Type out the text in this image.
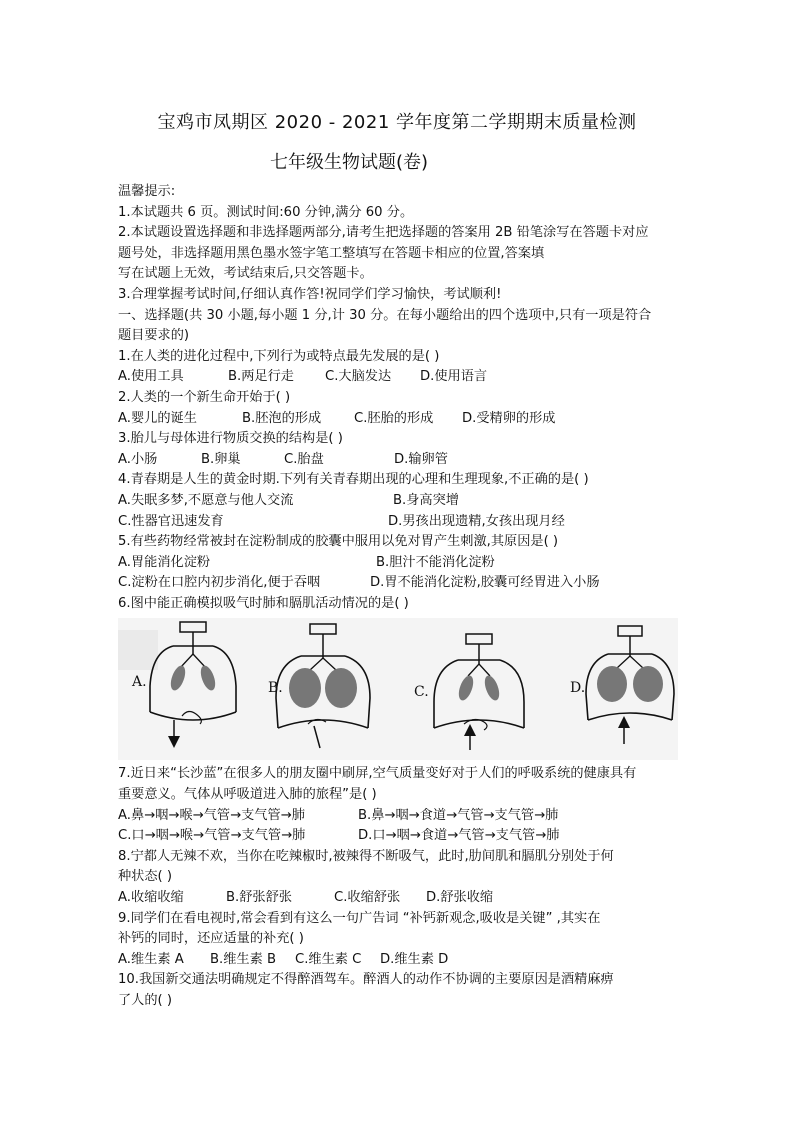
宝鸡市凤期区 2020 - 2021 学年度第二学期期末质量检测
七年级生物试题(卷)
温馨提示:
1.本试题共 6 页。测试时间:60 分钟,满分 60 分。
2.本试题设置选择题和非选择题两部分,请考生把选择题的答案用 2B 铅笔涂写在答题卡对应
题号处，非选择题用黑色墨水签字笔工整填写在答题卡相应的位置,答案填
写在试题上无效，考试结束后,只交答题卡。
3.合理掌握考试时间,仔细认真作答!祝同学们学习愉快，考试顺利!
一、选择题(共 30 小题,每小题 1 分,计 30 分。在每小题给出的四个选项中,只有一项是符合
题目要求的)
1.在人类的进化过程中,下列行为或特点最先发展的是( )
A.使用工具	B.两足行走 C.大脑发达 D.使用语言
2.人类的一个新生命开始于( )
A.婴儿的诞生	B.胚泡的形成 C.胚胎的形成 D.受精卵的形成
3.胎儿与母体进行物质交换的结构是( )
A.小肠	B.卵巢	C.胎盘	D.输卵管
4.青春期是人生的黄金时期.下列有关青春期出现的心理和生理现象,不正确的是( )
A.失眠多梦,不愿意与他人交流	B.身高突增
C.性器官迅速发育	D.男孩出现遗精,女孩出现月经
5.有些药物经常被封在淀粉制成的胶囊中服用以免对胃产生刺激,其原因是( )
A.胃能消化淀粉	B.胆汁不能消化淀粉
C.淀粉在口腔内初步消化,便于吞咽	D.胃不能消化淀粉,胶囊可经胃进入小肠
6.图中能正确模拟吸气时肺和膈肌活动情况的是( )
A.	B.	C.	D.
7.近日来“长沙蓝”在很多人的朋友圈中刷屏,空气质量变好对于人们的呼吸系统的健康具有
重要意义。气体从呼吸道进入肺的旅程”是( )
A.鼻→咽→喉→气管→支气管→肺	B.鼻→咽→食道→气管→支气管→肺
C.口→咽→喉→气管→支气管→肺	D.口→咽→食道→气管→支气管→肺
8.宁都人无辣不欢，当你在吃辣椒时,被辣得不断吸气，此时,肋间肌和膈肌分别处于何
种状态( )
A.收缩收缩	B.舒张舒张	C.收缩舒张 D.舒张收缩
9.同学们在看电视时,常会看到有这么一句广告词 “补钙新观念,吸收是关键” ,其实在
补钙的同时，还应适量的补充( )
A.维生素 A B.维生素 B C.维生素 C D.维生素 D
10.我国新交通法明确规定不得醉酒驾车。醉酒人的动作不协调的主要原因是酒精麻痹
了人的( )
